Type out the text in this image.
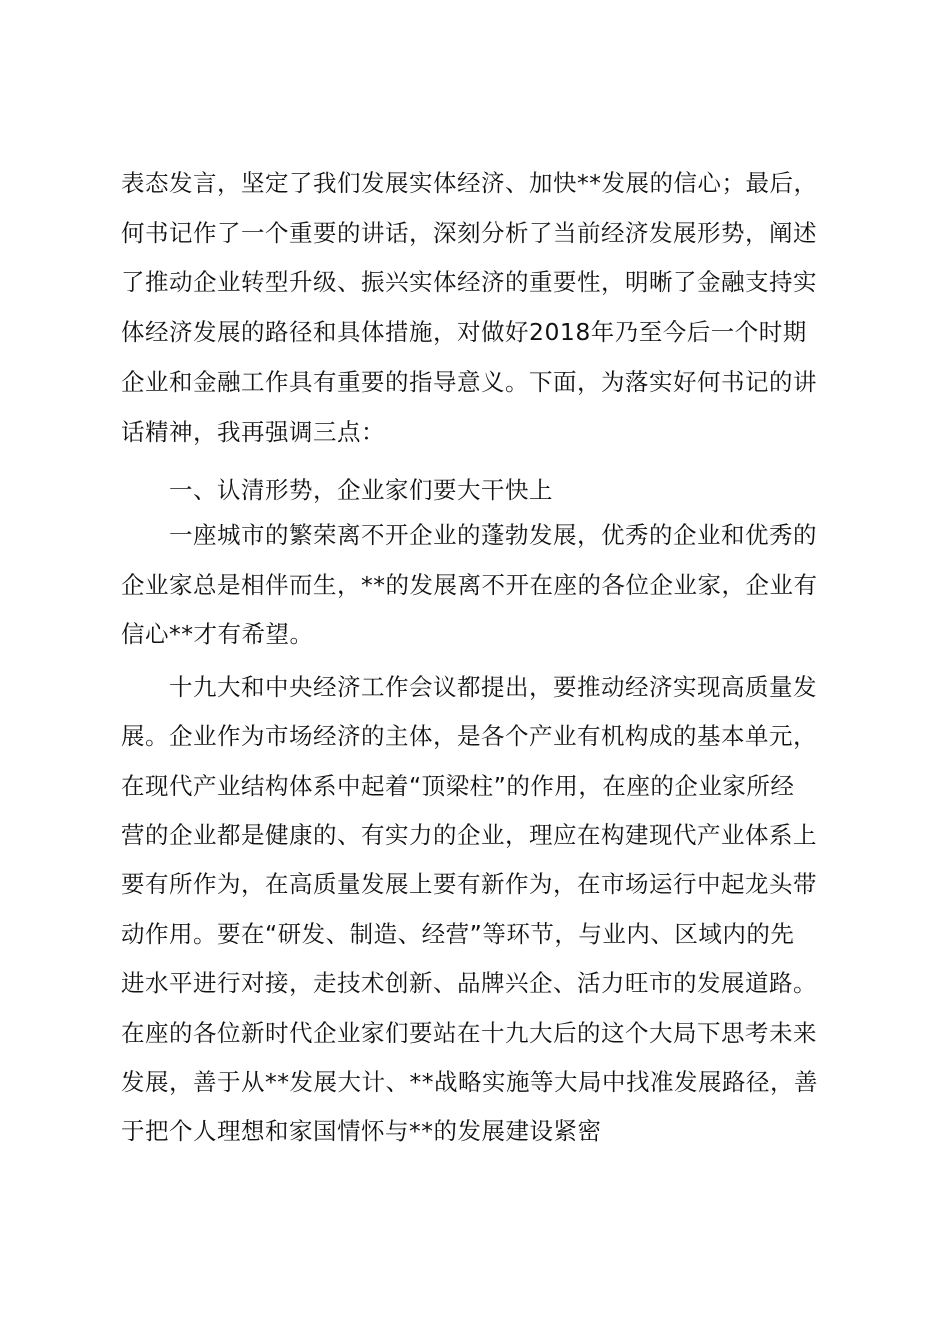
表态发言，坚定了我们发展实体经济、加快**发展的信心；最后，
何书记作了一个重要的讲话，深刻分析了当前经济发展形势，阐述
了推动企业转型升级、振兴实体经济的重要性，明晰了金融支持实
体经济发展的路径和具体措施，对做好2018年乃至今后一个时期
企业和金融工作具有重要的指导意义。下面，为落实好何书记的讲
话精神，我再强调三点：
一、认清形势，企业家们要大干快上
一座城市的繁荣离不开企业的蓬勃发展，优秀的企业和优秀的
企业家总是相伴而生，**的发展离不开在座的各位企业家，企业有
信心**才有希望。
十九大和中央经济工作会议都提出，要推动经济实现高质量发
展。企业作为市场经济的主体，是各个产业有机构成的基本单元，
在现代产业结构体系中起着“顶梁柱”的作用，在座的企业家所经
营的企业都是健康的、有实力的企业，理应在构建现代产业体系上
要有所作为，在高质量发展上要有新作为，在市场运行中起龙头带
动作用。要在“研发、制造、经营”等环节，与业内、区域内的先
进水平进行对接，走技术创新、品牌兴企、活力旺市的发展道路。
在座的各位新时代企业家们要站在十九大后的这个大局下思考未来
发展，善于从**发展大计、**战略实施等大局中找准发展路径，善
于把个人理想和家国情怀与**的发展建设紧密
